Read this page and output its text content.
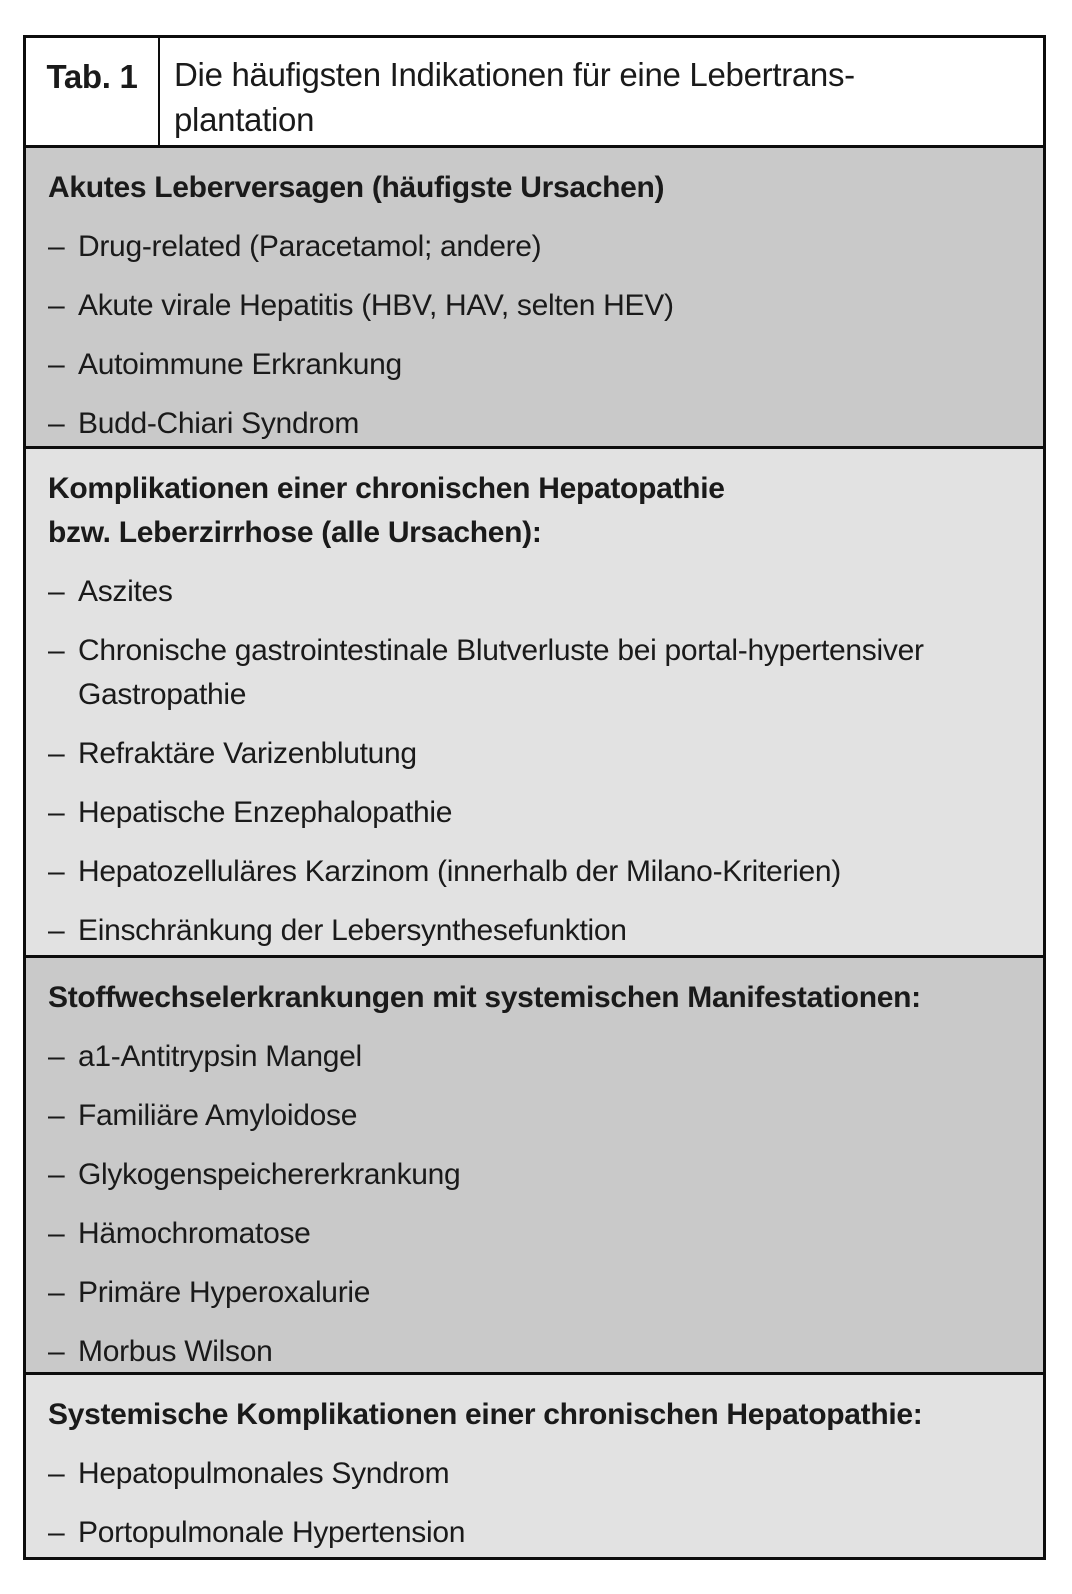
Tab. 1	Die häufigsten Indikationen für eine Lebertrans-
plantation
Akutes Leberversagen (häufigste Ursachen)
– Drug-related (Paracetamol; andere)
– Akute virale Hepatitis (HBV, HAV, selten HEV)
– Autoimmune Erkrankung
– Budd-Chiari Syndrom
Komplikationen einer chronischen Hepatopathie
bzw. Leberzirrhose (alle Ursachen):
– Aszites
– Chronische gastrointestinale Blutverluste bei portal-hypertensiver Gastropathie
– Refraktäre Varizenblutung
– Hepatische Enzephalopathie
– Hepatozelluläres Karzinom (innerhalb der Milano-Kriterien)
– Einschränkung der Lebersynthesefunktion
Stoffwechselerkrankungen mit systemischen Manifestationen:
– a1-Antitrypsin Mangel
– Familiäre Amyloidose
– Glykogenspeichererkrankung
– Hämochromatose
– Primäre Hyperoxalurie
– Morbus Wilson
Systemische Komplikationen einer chronischen Hepatopathie:
– Hepatopulmonales Syndrom
– Portopulmonale Hypertension
